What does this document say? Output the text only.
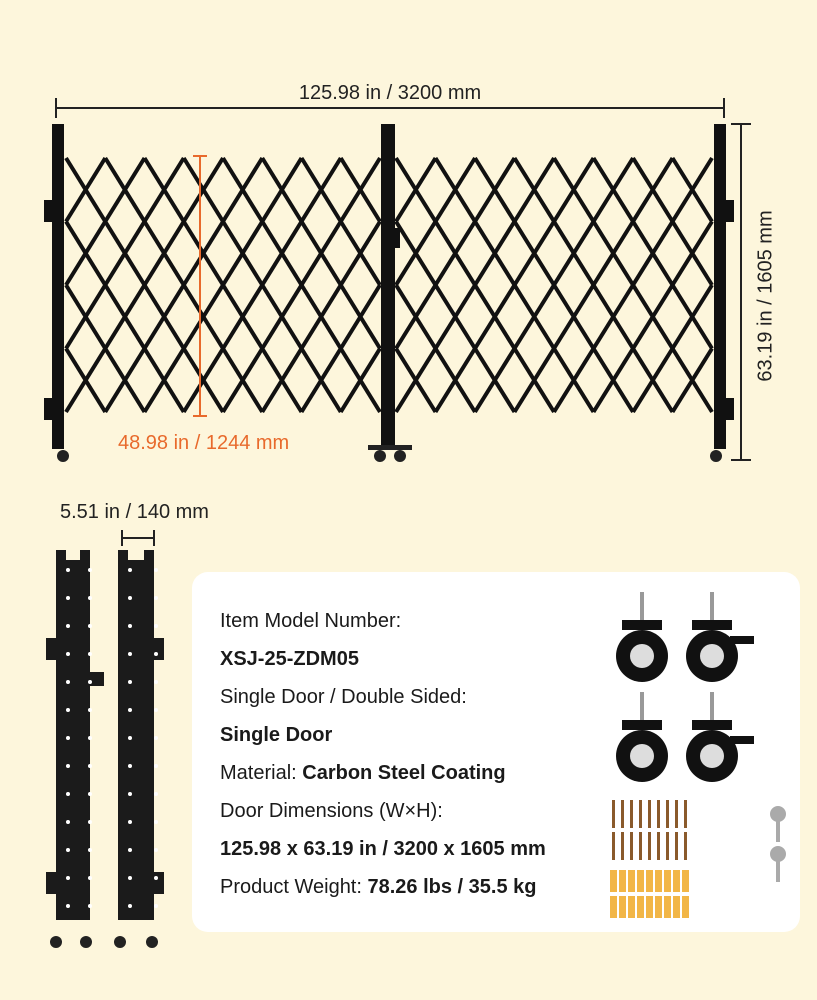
125.98 in / 3200 mm
63.19 in / 1605 mm
48.98 in / 1244 mm
5.51 in / 140 mm
Item Model Number:
XSJ-25-ZDM05
Single Door / Double Sided:
Single Door
Material: Carbon Steel Coating
Door Dimensions (W×H):
125.98 x 63.19 in / 3200 x 1605 mm
Product Weight: 78.26 lbs / 35.5 kg
